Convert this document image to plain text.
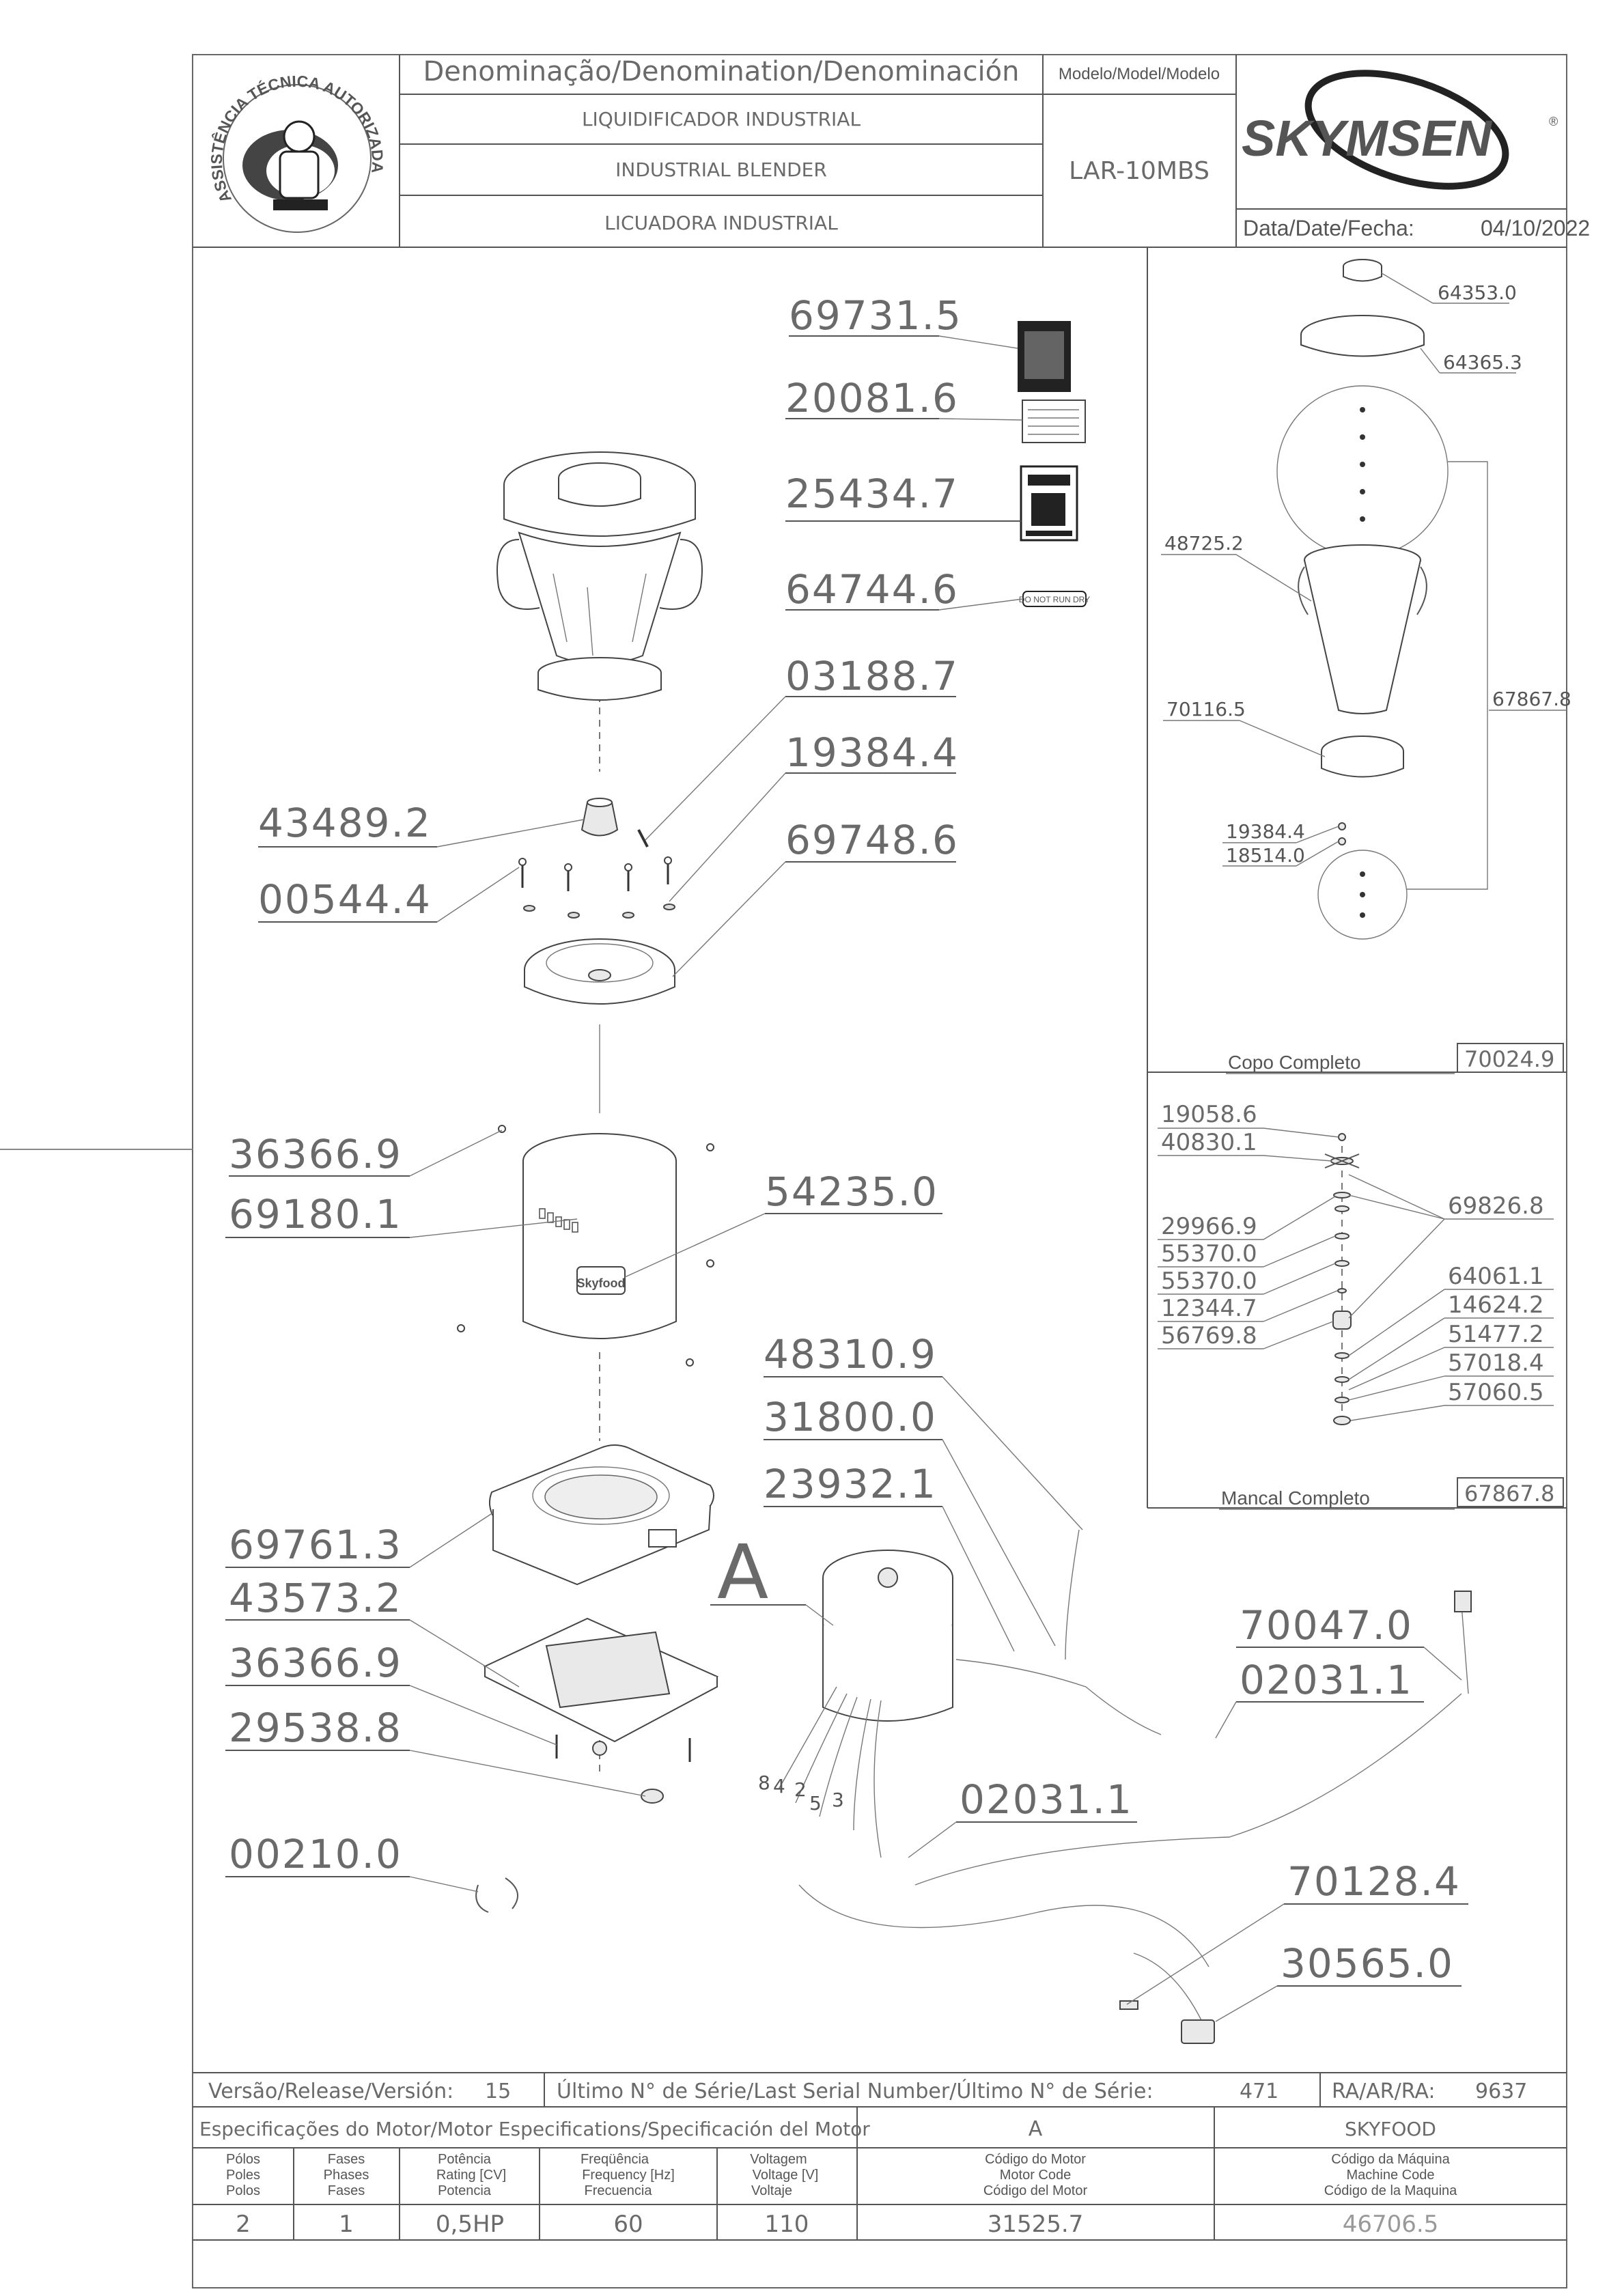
ASSISTÊNCIA TÉCNICA AUTORIZADA
Denominação/Denomination/Denominación
LIQUIDIFICADOR INDUSTRIAL
INDUSTRIAL BLENDER
LICUADORA INDUSTRIAL
Modelo/Model/Modelo
LAR-10MBS
SKYMSEN	®
Data/Date/Fecha:	04/10/2022
Skyfood
A
8 4 2
5 3
DO NOT RUN DRY
69731.5
20081.6
25434.7
64744.6
03188.7
19384.4
43489.2	69748.6
00544.4
36366.9
69180.1	54235.0
48310.9
31800.0
23932.1
69761.3
43573.2
36366.9
29538.8
00210.0
70047.0
02031.1
02031.1
70128.4
30565.0
64353.0
64365.3
48725.2
70116.5
19384.4
18514.0
67867.8
Copo Completo	70024.9
19058.6
40830.1
29966.9
55370.0
55370.0
12344.7
56769.8
69826.8
64061.1
14624.2
51477.2
57018.4
57060.5
Mancal Completo	67867.8
Versão/Release/Versión: 15 Último N° de Série/Last Serial Number/Último N° de Série:	471	RA/AR/RA: 9637
Especificações do Motor/Motor Especifications/Specificación del Motor	A	SKYFOOD
Pólos
Poles
Polos
Fases
Phases
Fases
Potência
Rating [CV]
Potencia
Freqüência
Frequency [Hz]
Frecuencia
Voltagem
Voltage [V]
Voltaje
Código do Motor
Motor Code
Código del Motor
Código da Máquina
Machine Code
Código de la Maquina
2	1	0,5HP	60	110	31525.7	46706.5
